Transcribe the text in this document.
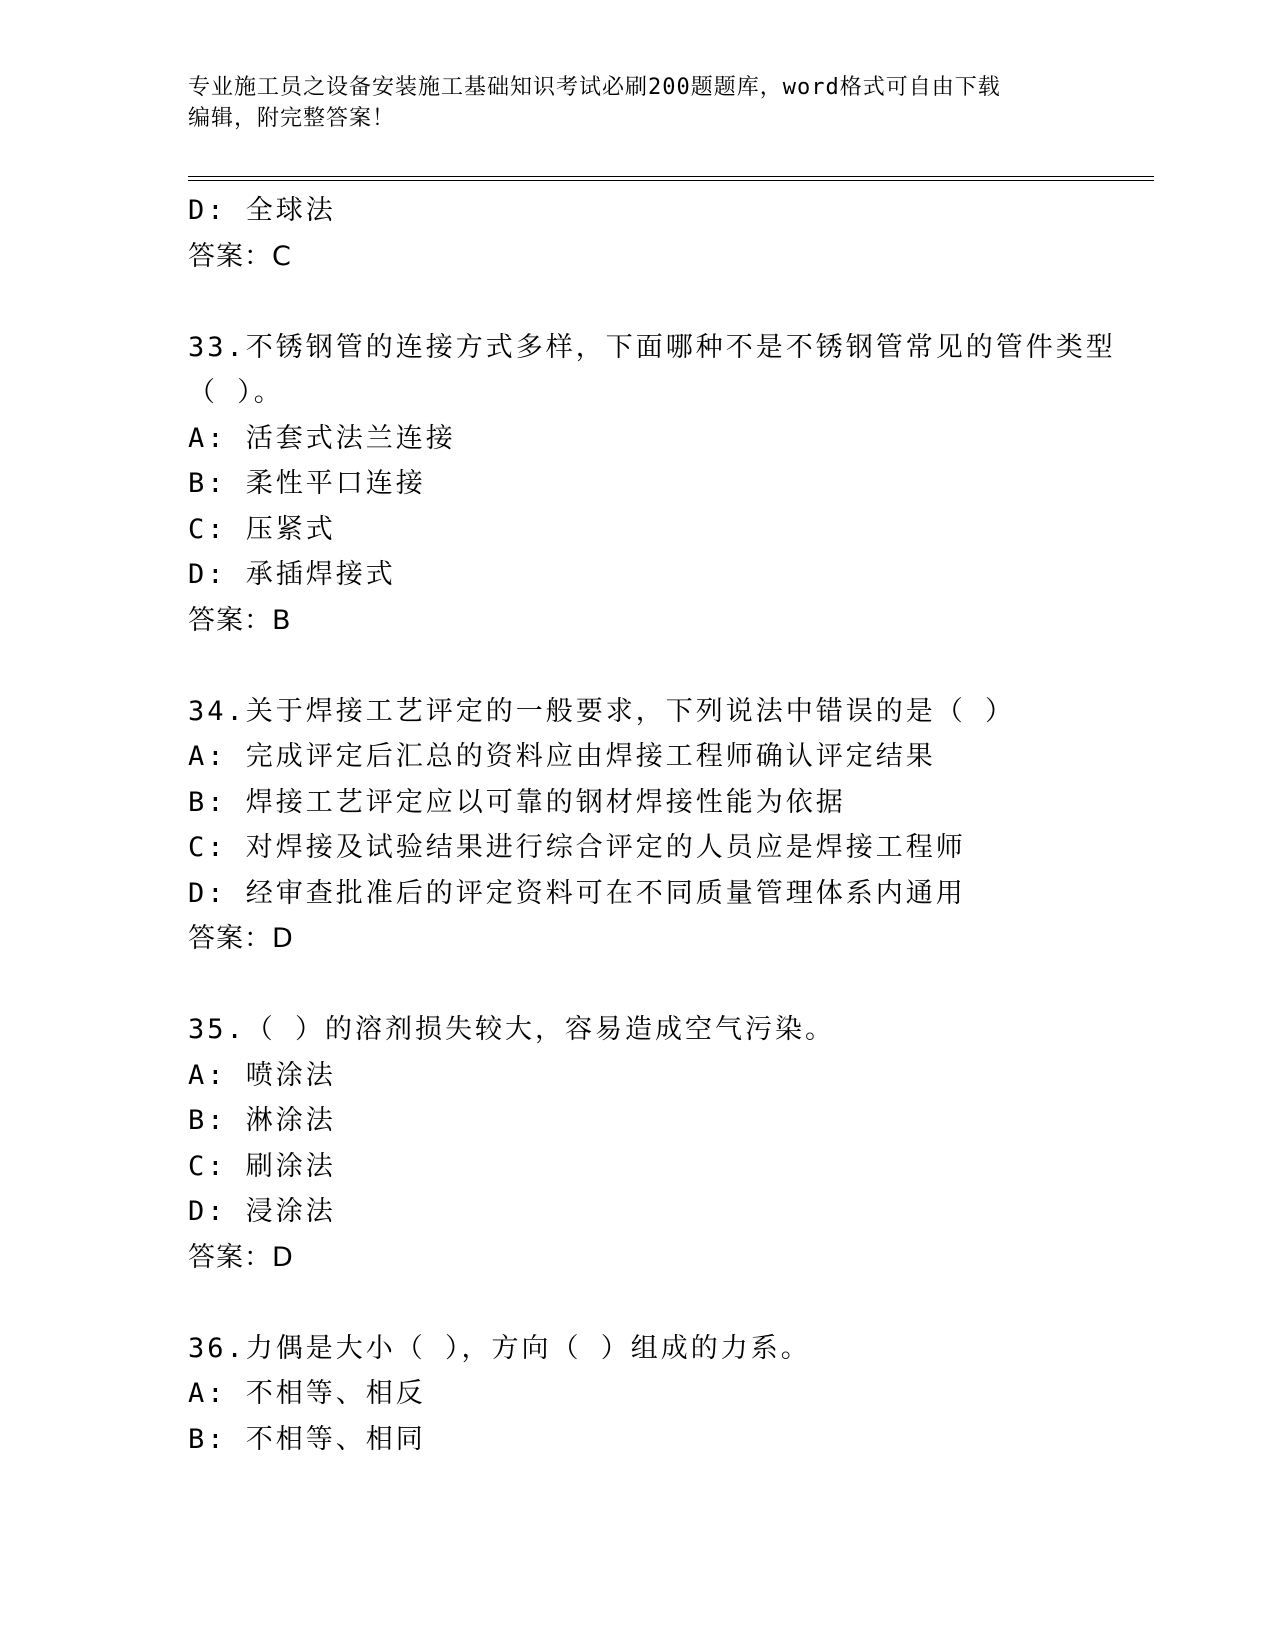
专业施工员之设备安装施工基础知识考试必刷200题题库，word格式可自由下载
编辑，附完整答案！
D: 全球法
答案：C
33.不锈钢管的连接方式多样，下面哪种不是不锈钢管常见的管件类型
（ ）。
A: 活套式法兰连接
B: 柔性平口连接
C: 压紧式
D: 承插焊接式
答案：B
34.关于焊接工艺评定的一般要求，下列说法中错误的是（ ）
A: 完成评定后汇总的资料应由焊接工程师确认评定结果
B: 焊接工艺评定应以可靠的钢材焊接性能为依据
C: 对焊接及试验结果进行综合评定的人员应是焊接工程师
D: 经审查批准后的评定资料可在不同质量管理体系内通用
答案：D
35.（ ）的溶剂损失较大，容易造成空气污染。
A: 喷涂法
B: 淋涂法
C: 刷涂法
D: 浸涂法
答案：D
36.力偶是大小（ ），方向（ ）组成的力系。
A: 不相等、相反
B: 不相等、相同
